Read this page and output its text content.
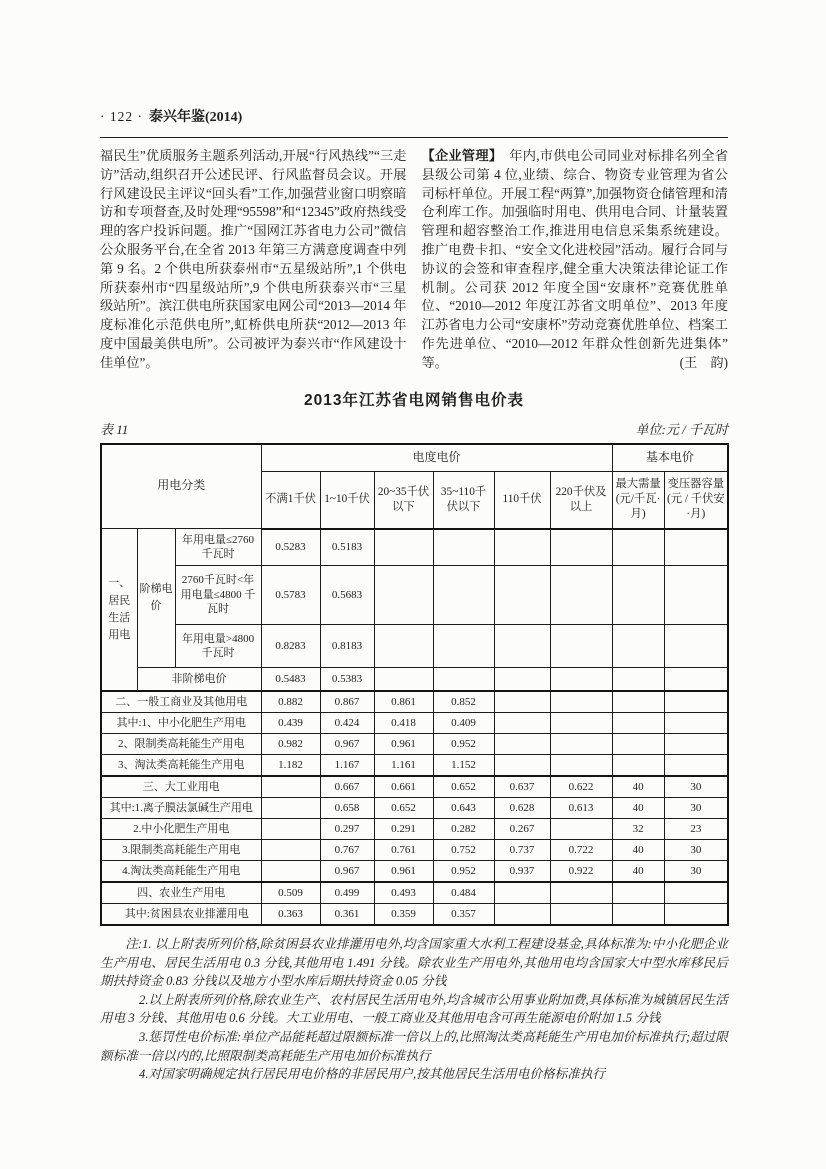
· 122 · 泰兴年鉴(2014)

福民生”优质服务主题系列活动,开展“行风热线”“三走访”活动,组织召开公述民评、行风监督员会议。开展行风建设民主评议“回头看”工作,加强营业窗口明察暗访和专项督查,及时处理“95598”和“12345”政府热线受理的客户投诉问题。推广“国网江苏省电力公司”微信公众服务平台,在全省 2013 年第三方满意度调查中列第 9 名。2 个供电所获泰州市“五星级站所”,1 个供电所获泰州市“四星级站所”,9 个供电所获泰兴市“三星级站所”。滨江供电所获国家电网公司“2013—2014 年度标准化示范供电所”,虹桥供电所获“2012—2013 年度中国最美供电所”。公司被评为泰兴市“作风建设十佳单位”。

【企业管理】 年内,市供电公司同业对标排名列全省县级公司第 4 位,业绩、综合、物资专业管理为省公司标杆单位。开展工程“两算”,加强物资仓储管理和清仓利库工作。加强临时用电、供用电合同、计量装置管理和超容整治工作,推进用电信息采集系统建设。推广电费卡扣、“安全文化进校园”活动。履行合同与协议的会签和审查程序,健全重大决策法律论证工作机制。公司获 2012 年度全国“安康杯”竞赛优胜单位、“2010—2012 年度江苏省文明单位”、2013 年度江苏省电力公司“安康杯”劳动竞赛优胜单位、档案工作先进单位、“2010—2012 年群众性创新先进集体”等。	(王　韵)

2013年江苏省电网销售电价表
表 11	单位:元 / 千瓦时
用电分类			电度电价						基本电价	
			不满1千伏	1~10千伏	20~35千伏以下	35~110千伏以下	110千伏	220千伏及以上	最大需量(元/千瓦·月)	变压器容量(元 / 千伏安·月)
一、居民生活用电	阶梯电价	年用电量≤2760千瓦时	0.5283	0.5183						
		2760千瓦时<年用电量≤4800 千瓦时	0.5783	0.5683						
		年用电量>4800千瓦时	0.8283	0.8183						
	非阶梯电价		0.5483	0.5383						
二、一般工商业及其他用电			0.882	0.867	0.861	0.852				
其中:1、中小化肥生产用电			0.439	0.424	0.418	0.409				
2、限制类高耗能生产用电			0.982	0.967	0.961	0.952				
3、淘汰类高耗能生产用电			1.182	1.167	1.161	1.152				
三、大工业用电				0.667	0.661	0.652	0.637	0.622	40	30
其中:1.离子膜法氯碱生产用电				0.658	0.652	0.643	0.628	0.613	40	30
2.中小化肥生产用电				0.297	0.291	0.282	0.267		32	23
3.限制类高耗能生产用电				0.767	0.761	0.752	0.737	0.722	40	30
4.淘汰类高耗能生产用电				0.967	0.961	0.952	0.937	0.922	40	30
四、农业生产用电			0.509	0.499	0.493	0.484				
其中:贫困县农业排灌用电			0.363	0.361	0.359	0.357				

注:1. 以上附表所列价格,除贫困县农业排灌用电外,均含国家重大水利工程建设基金,具体标准为:中小化肥企业生产用电、居民生活用电 0.3 分钱,其他用电 1.491 分钱。除农业生产用电外,其他用电均含国家大中型水库移民后期扶持资金 0.83 分钱以及地方小型水库后期扶持资金 0.05 分钱

2.以上附表所列价格,除农业生产、农村居民生活用电外,均含城市公用事业附加费,具体标准为城镇居民生活用电 3 分钱、其他用电 0.6 分钱。大工业用电、一般工商业及其他用电含可再生能源电价附加 1.5 分钱

3.惩罚性电价标准:单位产品能耗超过限额标准一倍以上的,比照淘汰类高耗能生产用电加价标准执行;超过限额标准一倍以内的,比照限制类高耗能生产用电加价标准执行

4.对国家明确规定执行居民用电价格的非居民用户,按其他居民生活用电价格标准执行
